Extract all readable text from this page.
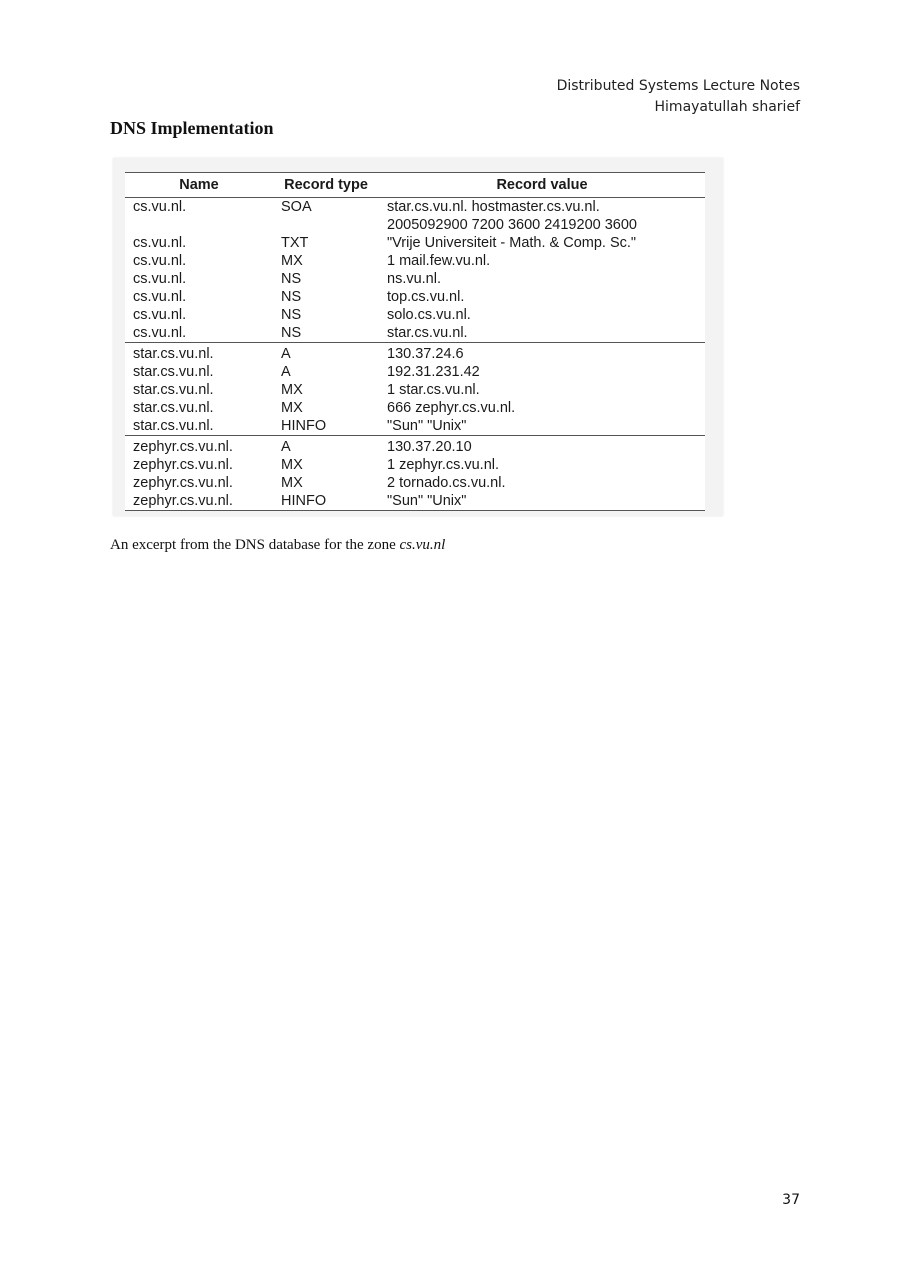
Distributed Systems Lecture Notes
Himayatullah sharief
DNS Implementation
Name	Record type	Record value
cs.vu.nl.	SOA	star.cs.vu.nl. hostmaster.cs.vu.nl.
		2005092900 7200 3600 2419200 3600
cs.vu.nl.	TXT	"Vrije Universiteit - Math. & Comp. Sc."
cs.vu.nl.	MX	1 mail.few.vu.nl.
cs.vu.nl.	NS	ns.vu.nl.
cs.vu.nl.	NS	top.cs.vu.nl.
cs.vu.nl.	NS	solo.cs.vu.nl.
cs.vu.nl.	NS	star.cs.vu.nl.
star.cs.vu.nl.	A	130.37.24.6
star.cs.vu.nl.	A	192.31.231.42
star.cs.vu.nl.	MX	1 star.cs.vu.nl.
star.cs.vu.nl.	MX	666 zephyr.cs.vu.nl.
star.cs.vu.nl.	HINFO	"Sun" "Unix"
zephyr.cs.vu.nl.	A	130.37.20.10
zephyr.cs.vu.nl.	MX	1 zephyr.cs.vu.nl.
zephyr.cs.vu.nl.	MX	2 tornado.cs.vu.nl.
zephyr.cs.vu.nl.	HINFO	"Sun" "Unix"
An excerpt from the DNS database for the zone cs.vu.nl
37
